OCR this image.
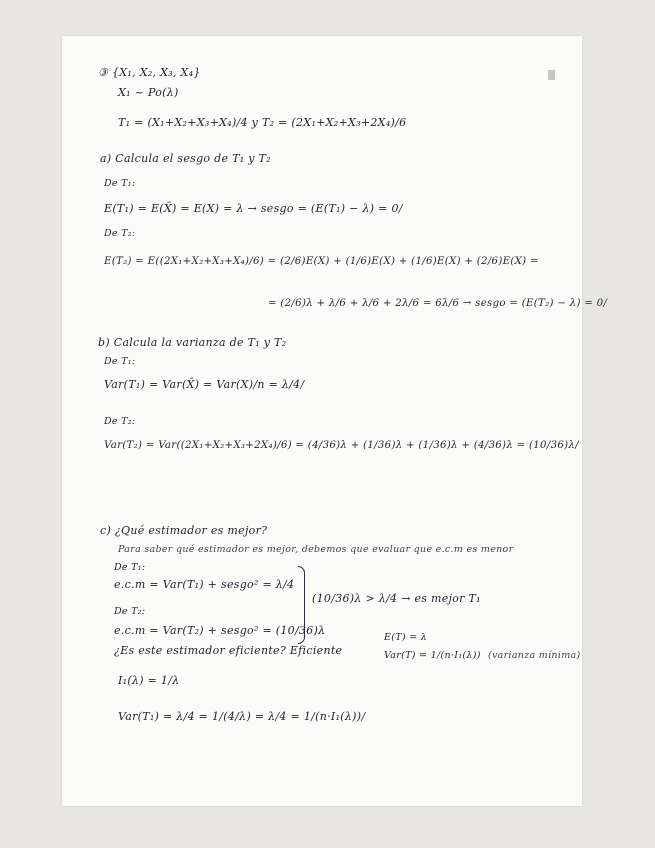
③ {X₁, X₂, X₃, X₄}
X₁ ~ Po(λ)
T₁ = (X₁+X₂+X₃+X₄)/4 y T₂ = (2X₁+X₂+X₃+2X₄)/6
a) Calcula el sesgo de T₁ y T₂
De T₁:
E(T₁) = E(X̄) = E(X) = λ → sesgo = (E(T₁) − λ) = 0/
De T₂:
E(T₂) = E((2X₁+X₂+X₃+X₄)/6) = (2/6)E(X) + (1/6)E(X) + (1/6)E(X) + (2/6)E(X) =
= (2/6)λ + λ/6 + λ/6 + 2λ/6 = 6λ/6 → sesgo = (E(T₂) − λ) = 0/
b) Calcula la varianza de T₁ y T₂
De T₁:
Var(T₁) = Var(X̄) = Var(X)/n = λ/4/
De T₂:
Var(T₂) = Var((2X₁+X₂+X₃+2X₄)/6) = (4/36)λ + (1/36)λ + (1/36)λ + (4/36)λ = (10/36)λ/
c) ¿Qué estimador es mejor?
Para saber qué estimador es mejor, debemos que evaluar que e.c.m es menor
De T₁:
e.c.m = Var(T₁) + sesgo² = λ/4
De T₂:
e.c.m = Var(T₂) + sesgo² = (10/36)λ
(10/36)λ > λ/4 → es mejor T₁
¿Es este estimador eficiente? Eficiente
E(T) = λ
Var(T) = 1/(n·I₁(λ)) (varianza mínima)
I₁(λ) = 1/λ
Var(T₁) = λ/4 = 1/(4/λ) = λ/4 = 1/(n·I₁(λ))/
